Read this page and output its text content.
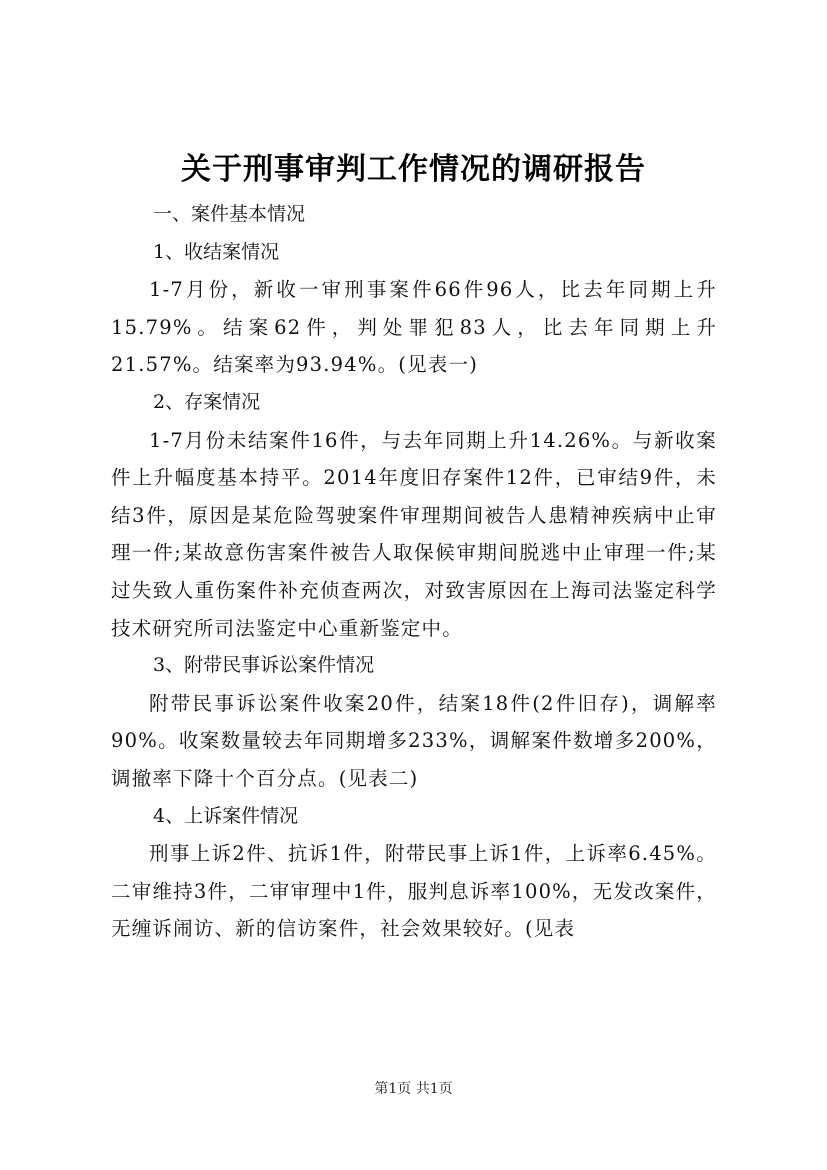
关于刑事审判工作情况的调研报告

一、案件基本情况

1、收结案情况

1-7月份，新收一审刑事案件66件96人，比去年同期上升15.79%。结案62件，判处罪犯83人，比去年同期上升21.57%。结案率为93.94%。(见表一)

2、存案情况

1-7月份未结案件16件，与去年同期上升14.26%。与新收案件上升幅度基本持平。2014年度旧存案件12件，已审结9件，未结3件，原因是某危险驾驶案件审理期间被告人患精神疾病中止审理一件;某故意伤害案件被告人取保候审期间脱逃中止审理一件;某过失致人重伤案件补充侦查两次，对致害原因在上海司法鉴定科学技术研究所司法鉴定中心重新鉴定中。

3、附带民事诉讼案件情况

附带民事诉讼案件收案20件，结案18件(2件旧存)，调解率90%。收案数量较去年同期增多233%，调解案件数增多200%，调撤率下降十个百分点。(见表二)

4、上诉案件情况

刑事上诉2件、抗诉1件，附带民事上诉1件，上诉率6.45%。二审维持3件，二审审理中1件，服判息诉率100%，无发改案件，无缠诉闹访、新的信访案件，社会效果较好。(见表

第1页 共1页
